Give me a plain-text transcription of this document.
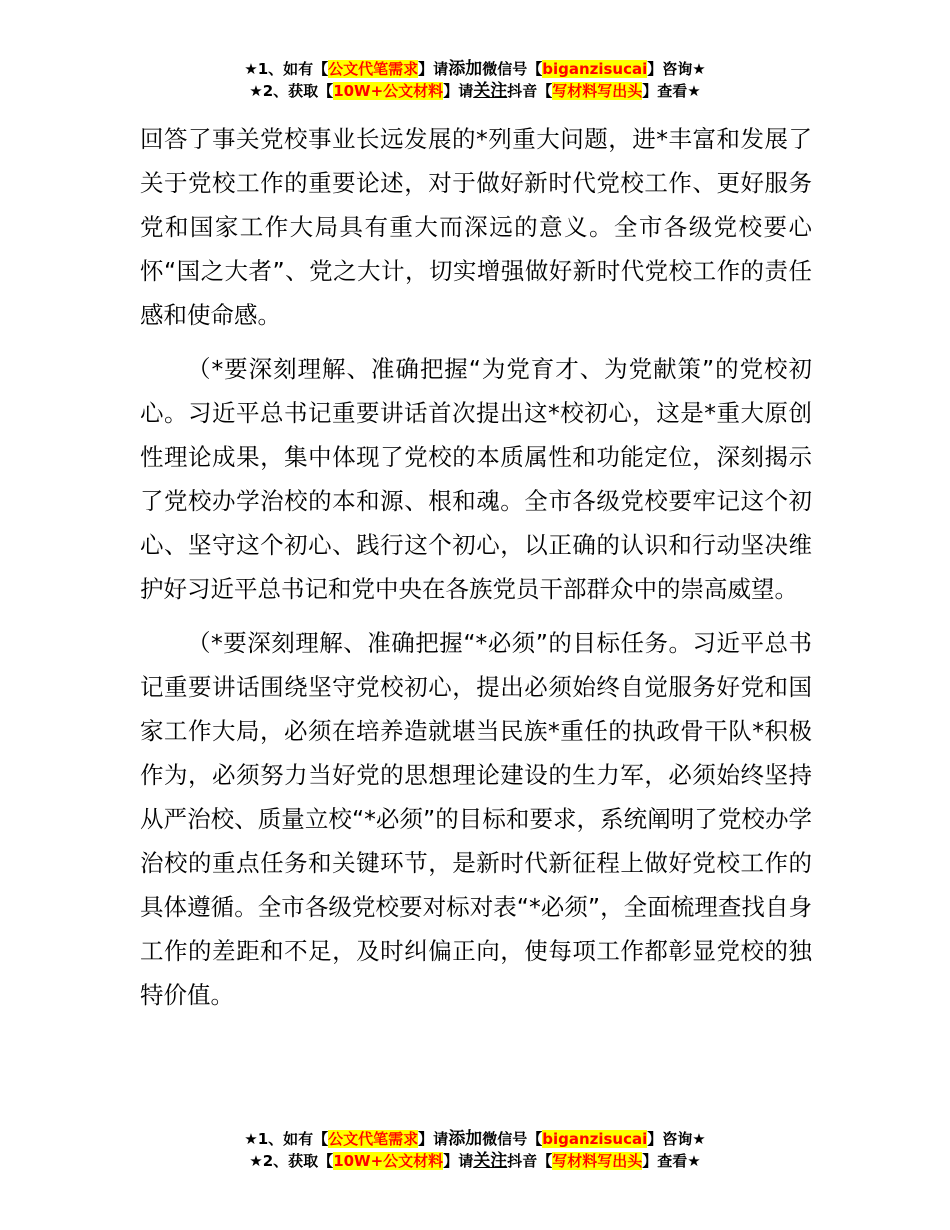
★1、如有【公文代笔需求】请添加微信号【biganzisucai】咨询★
★2、获取【10W+公文材料】请关注抖音【写材料写出头】查看★

回答了事关党校事业长远发展的*列重大问题，进*丰富和发展了关于党校工作的重要论述，对于做好新时代党校工作、更好服务党和国家工作大局具有重大而深远的意义。全市各级党校要心怀“国之大者”、党之大计，切实增强做好新时代党校工作的责任感和使命感。

（*要深刻理解、准确把握“为党育才、为党献策”的党校初心。习近平总书记重要讲话首次提出这*校初心，这是*重大原创性理论成果，集中体现了党校的本质属性和功能定位，深刻揭示了党校办学治校的本和源、根和魂。全市各级党校要牢记这个初心、坚守这个初心、践行这个初心，以正确的认识和行动坚决维护好习近平总书记和党中央在各族党员干部群众中的崇高威望。

（*要深刻理解、准确把握“*必须”的目标任务。习近平总书记重要讲话围绕坚守党校初心，提出必须始终自觉服务好党和国家工作大局，必须在培养造就堪当民族*重任的执政骨干队*积极作为，必须努力当好党的思想理论建设的生力军，必须始终坚持从严治校、质量立校“*必须”的目标和要求，系统阐明了党校办学治校的重点任务和关键环节，是新时代新征程上做好党校工作的具体遵循。全市各级党校要对标对表“*必须”，全面梳理查找自身工作的差距和不足，及时纠偏正向，使每项工作都彰显党校的独特价值。

★1、如有【公文代笔需求】请添加微信号【biganzisucai】咨询★
★2、获取【10W+公文材料】请关注抖音【写材料写出头】查看★
